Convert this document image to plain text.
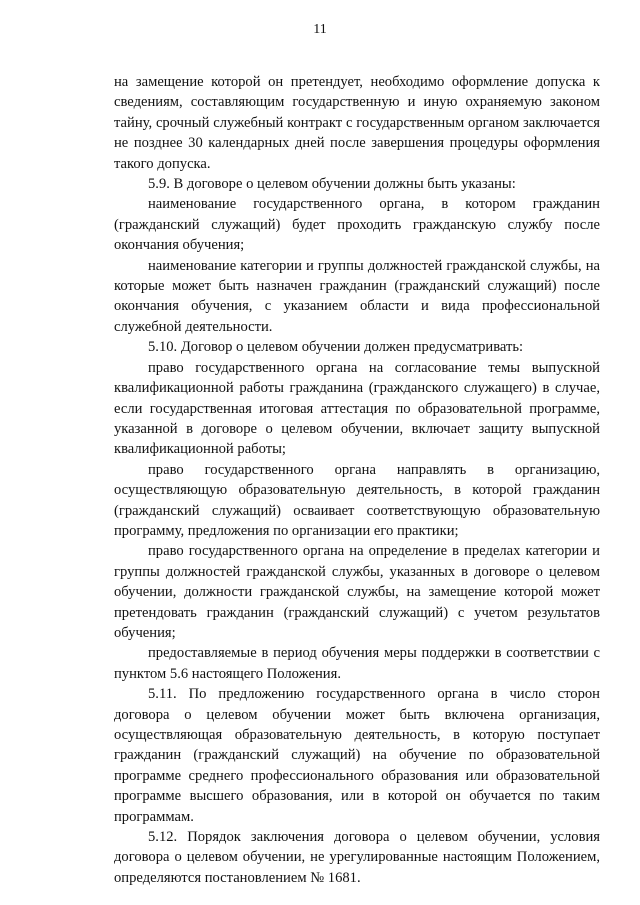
11

на замещение которой он претендует, необходимо оформление допуска к сведениям, составляющим государственную и иную охраняемую законом тайну, срочный служебный контракт с государственным органом заключается не позднее 30 календарных дней после завершения процедуры оформления такого допуска.

5.9. В договоре о целевом обучении должны быть указаны:

наименование государственного органа, в котором гражданин (гражданский служащий) будет проходить гражданскую службу после окончания обучения;

наименование категории и группы должностей гражданской службы, на которые может быть назначен гражданин (гражданский служащий) после окончания обучения, с указанием области и вида профессиональной служебной деятельности.

5.10. Договор о целевом обучении должен предусматривать:

право государственного органа на согласование темы выпускной квалификационной работы гражданина (гражданского служащего) в случае, если государственная итоговая аттестация по образовательной программе, указанной в договоре о целевом обучении, включает защиту выпускной квалификационной работы;

право государственного органа направлять в организацию, осуществляющую образовательную деятельность, в которой гражданин (гражданский служащий) осваивает соответствующую образовательную программу, предложения по организации его практики;

право государственного органа на определение в пределах категории и группы должностей гражданской службы, указанных в договоре о целевом обучении, должности гражданской службы, на замещение которой может претендовать гражданин (гражданский служащий) с учетом результатов обучения;

предоставляемые в период обучения меры поддержки в соответствии с пунктом 5.6 настоящего Положения.

5.11. По предложению государственного органа в число сторон договора о целевом обучении может быть включена организация, осуществляющая образовательную деятельность, в которую поступает гражданин (гражданский служащий) на обучение по образовательной программе среднего профессионального образования или образовательной программе высшего образования, или в которой он обучается по таким программам.

5.12. Порядок заключения договора о целевом обучении, условия договора о целевом обучении, не урегулированные настоящим Положением, определяются постановлением № 1681.
